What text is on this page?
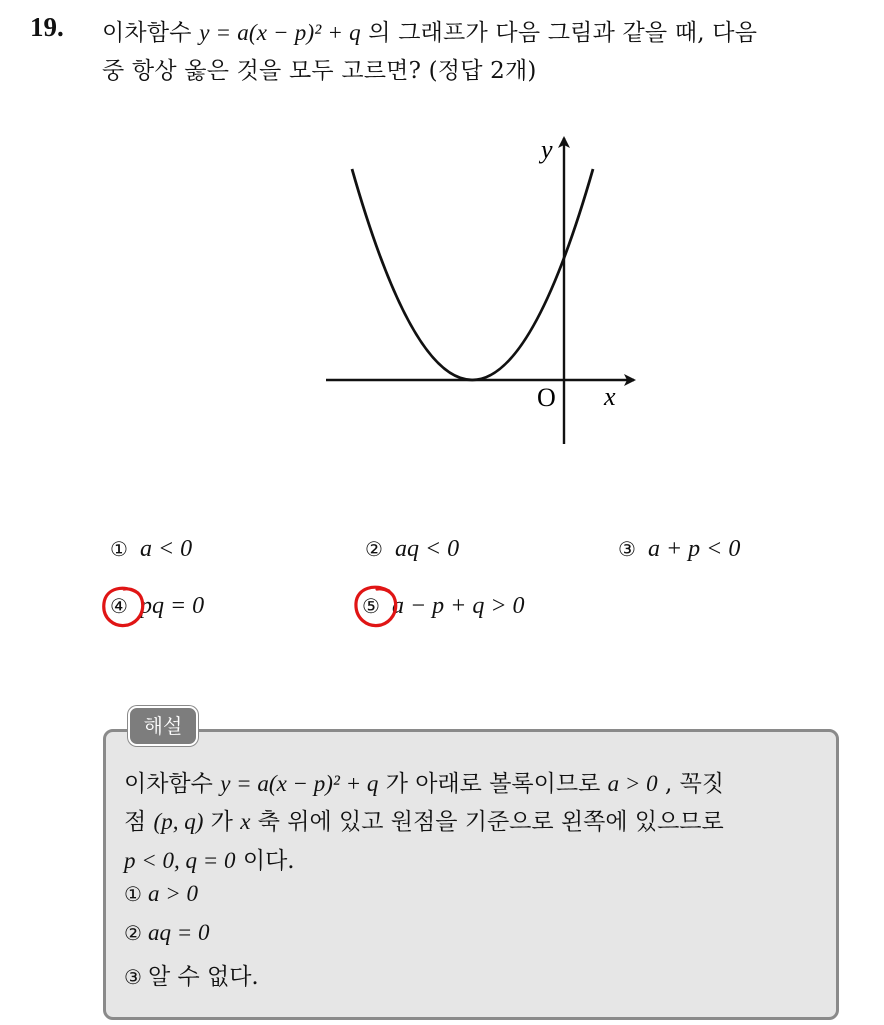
19. 이차함수 y = a(x − p)² + q 의 그래프가 다음 그림과 같을 때, 다음
중 항상 옳은 것을 모두 고르면? (정답 2개)
y
x
O
① a < 0	② aq < 0	③ a + p < 0
④ pq = 0	⑤ a − p + q > 0
해설
이차함수 y = a(x − p)² + q 가 아래로 볼록이므로 a > 0 , 꼭짓
점 (p, q) 가 x 축 위에 있고 원점을 기준으로 왼쪽에 있으므로
p < 0, q = 0 이다.
① a > 0
② aq = 0
③ 알 수 없다.
